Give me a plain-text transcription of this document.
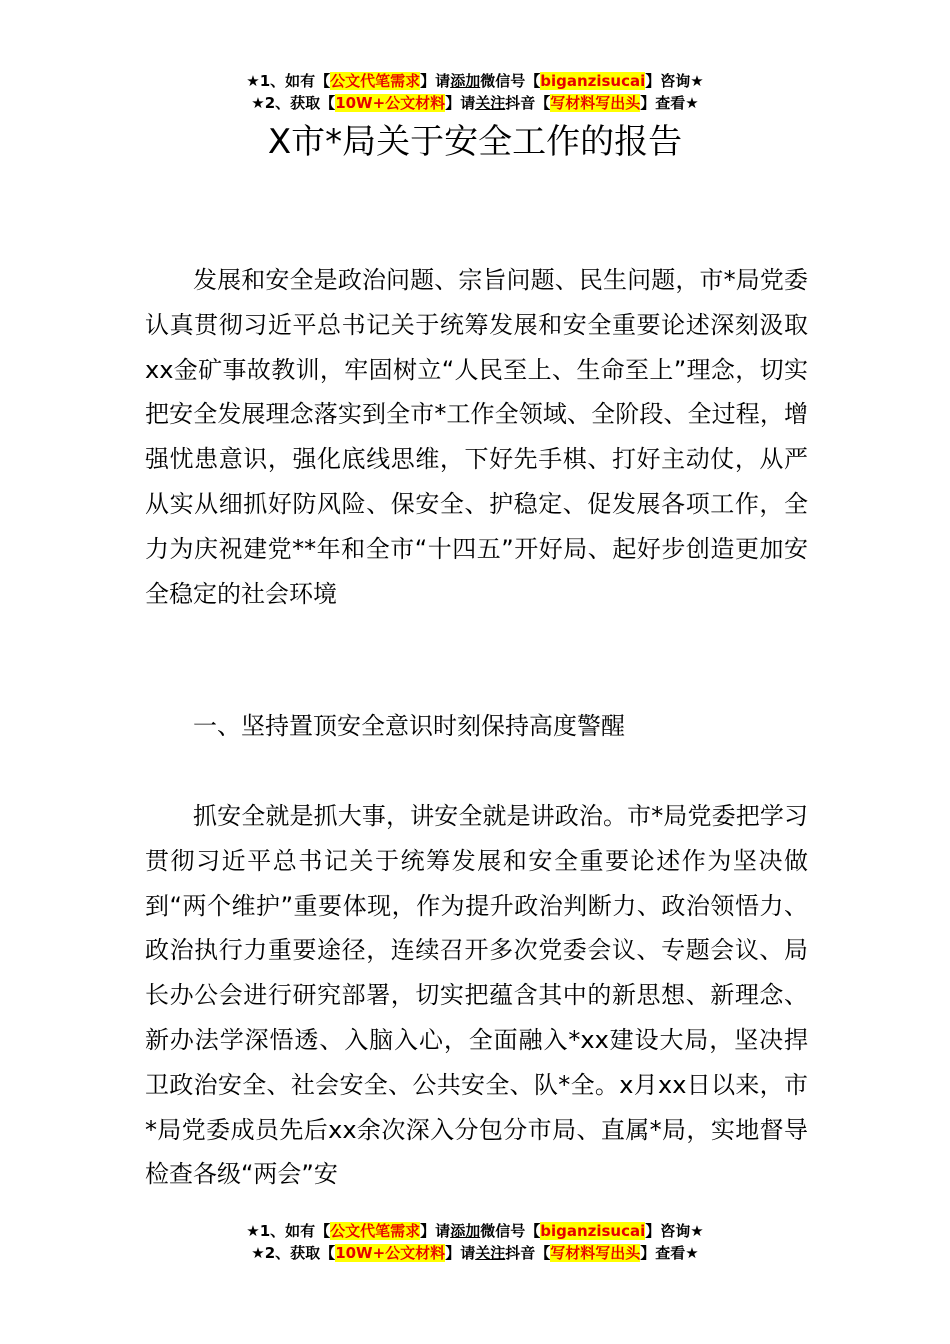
★1、如有【公文代笔需求】请添加微信号【biganzisucai】咨询★
★2、获取【10W+公文材料】请关注抖音【写材料写出头】查看★
X市*局关于安全工作的报告

发展和安全是政治问题、宗旨问题、民生问题，市*局党委认真贯彻习近平总书记关于统筹发展和安全重要论述深刻汲取xx金矿事故教训，牢固树立“人民至上、生命至上”理念，切实把安全发展理念落实到全市*工作全领域、全阶段、全过程，增强忧患意识，强化底线思维，下好先手棋、打好主动仗，从严从实从细抓好防风险、保安全、护稳定、促发展各项工作，全力为庆祝建党**年和全市“十四五”开好局、起好步创造更加安全稳定的社会环境

一、坚持置顶安全意识时刻保持高度警醒

抓安全就是抓大事，讲安全就是讲政治。市*局党委把学习贯彻习近平总书记关于统筹发展和安全重要论述作为坚决做到“两个维护”重要体现，作为提升政治判断力、政治领悟力、政治执行力重要途径，连续召开多次党委会议、专题会议、局长办公会进行研究部署，切实把蕴含其中的新思想、新理念、新办法学深悟透、入脑入心，全面融入*xx建设大局，坚决捍卫政治安全、社会安全、公共安全、队*全。x月xx日以来，市*局党委成员先后xx余次深入分包分市局、直属*局，实地督导检查各级“两会”安

★1、如有【公文代笔需求】请添加微信号【biganzisucai】咨询★
★2、获取【10W+公文材料】请关注抖音【写材料写出头】查看★
